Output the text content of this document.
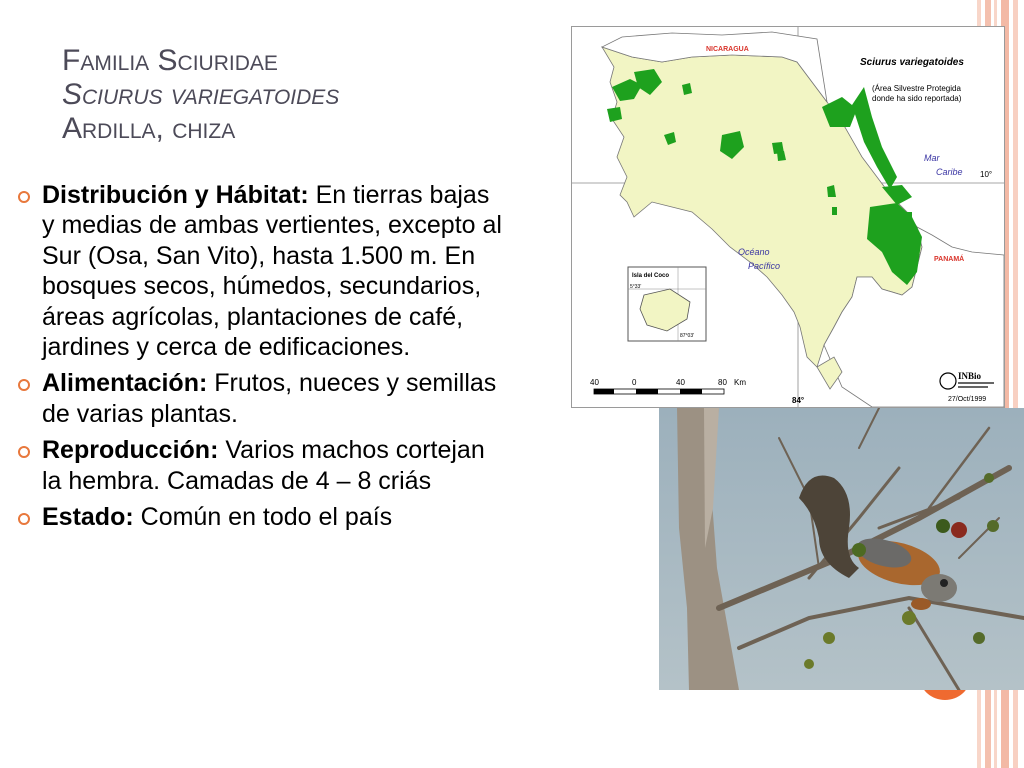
Familia Sciuridae
Sciurus variegatoides
Ardilla, chiza
Distribución y Hábitat: En tierras bajas y medias de ambas vertientes, excepto al Sur (Osa, San Vito), hasta 1.500 m. En bosques secos, húmedos, secundarios, áreas agrícolas, plantaciones de café, jardines y cerca de edificaciones.
Alimentación: Frutos, nueces y semillas de varias plantas.
Reproducción: Varios machos cortejan la hembra. Camadas de 4 – 8 criás
Estado: Común en todo el país
Isla del Coco
5°33'
87°03'
40	0	40	80 Km
NICARAGUA
Sciurus variegatoides
(Área Silvestre Protegida
donde ha sido reportada)
Mar
Caribe 10°
Océano
Pacífico
PANAMÁ
84°
INBio
27/Oct/1999
